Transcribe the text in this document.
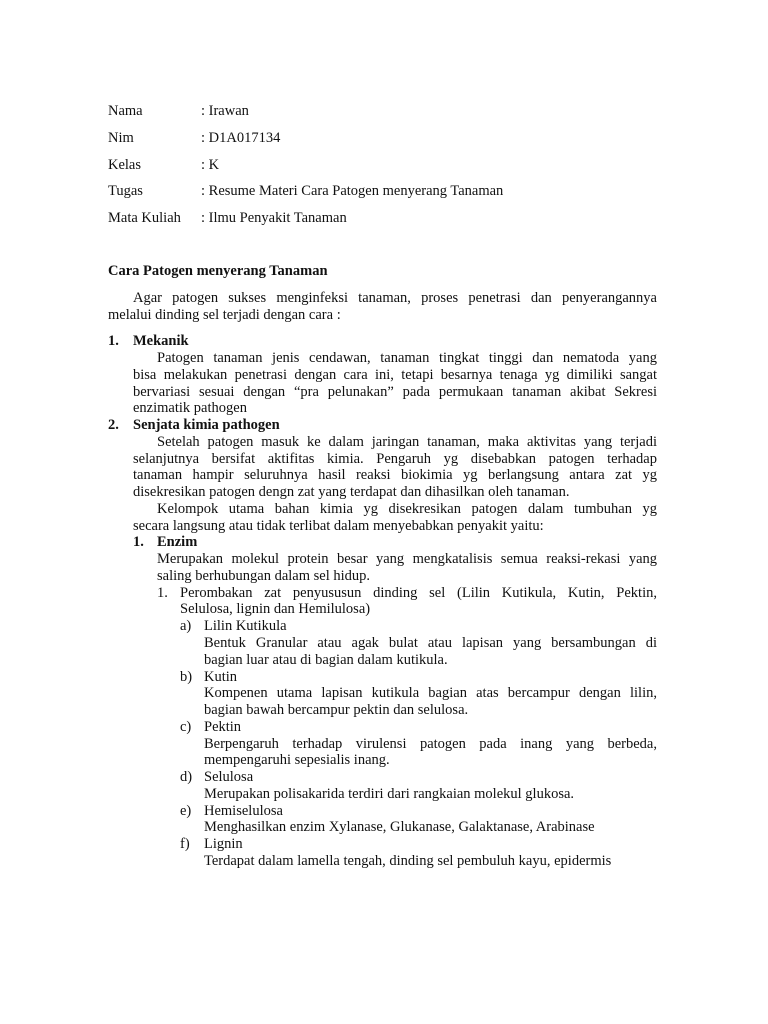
Nama	: Irawan
Nim	: D1A017134
Kelas	: K
Tugas	: Resume Materi Cara Patogen menyerang Tanaman
Mata Kuliah : Ilmu Penyakit Tanaman
Cara Patogen menyerang Tanaman
Agar patogen sukses menginfeksi tanaman, proses penetrasi dan penyerangannya
melalui dinding sel terjadi dengan cara :
1. Mekanik
Patogen tanaman jenis cendawan, tanaman tingkat tinggi dan nematoda yang
bisa melakukan penetrasi dengan cara ini, tetapi besarnya tenaga yg dimiliki sangat
bervariasi sesuai dengan “pra pelunakan” pada permukaan tanaman akibat Sekresi
enzimatik pathogen
2. Senjata kimia pathogen
Setelah patogen masuk ke dalam jaringan tanaman, maka aktivitas yang terjadi
selanjutnya bersifat aktifitas kimia. Pengaruh yg disebabkan patogen terhadap
tanaman hampir seluruhnya hasil reaksi biokimia yg berlangsung antara zat yg
disekresikan patogen dengn zat yang terdapat dan dihasilkan oleh tanaman.
Kelompok utama bahan kimia yg disekresikan patogen dalam tumbuhan yg
secara langsung atau tidak terlibat dalam menyebabkan penyakit yaitu:
1. Enzim
Merupakan molekul protein besar yang mengkatalisis semua reaksi-rekasi yang
saling berhubungan dalam sel hidup.
1. Perombakan zat penyususun dinding sel (Lilin Kutikula, Kutin, Pektin,
Selulosa, lignin dan Hemilulosa)
a) Lilin Kutikula
Bentuk Granular atau agak bulat atau lapisan yang bersambungan di
bagian luar atau di bagian dalam kutikula.
b) Kutin
Kompenen utama lapisan kutikula bagian atas bercampur dengan lilin,
bagian bawah bercampur pektin dan selulosa.
c) Pektin
Berpengaruh terhadap virulensi patogen pada inang yang berbeda,
mempengaruhi sepesialis inang.
d) Selulosa
Merupakan polisakarida terdiri dari rangkaian molekul glukosa.
e) Hemiselulosa
Menghasilkan enzim Xylanase, Glukanase, Galaktanase, Arabinase
f) Lignin
Terdapat dalam lamella tengah, dinding sel pembuluh kayu, epidermis
